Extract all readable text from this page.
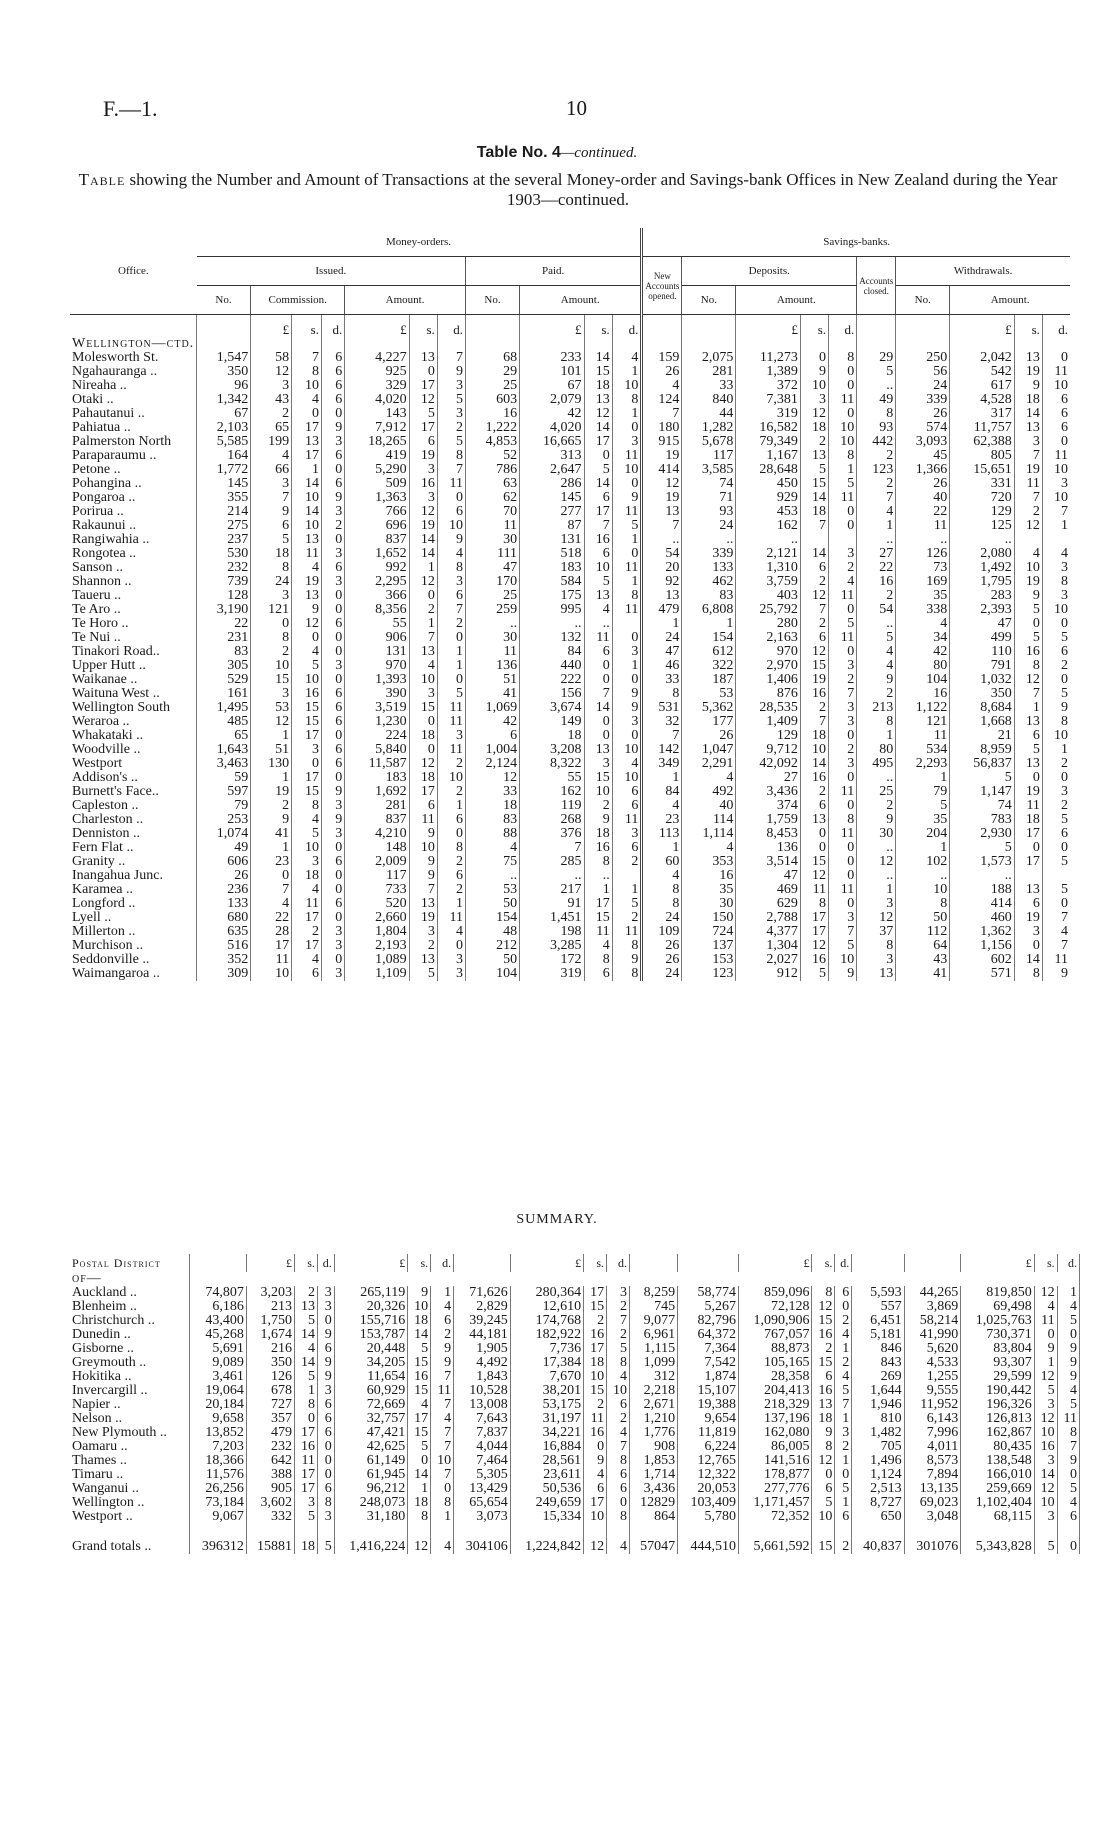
F.—1.	10
Table No. 4—continued.
Table showing the Number and Amount of Transactions at the several Money-order and Savings-bank Offices in New Zealand during the Year 1903—continued.
Office.	Money-orders.											Savings-banks.									
	Issued.							Paid.				New Accounts opened.	Deposits.				Accounts closed.	Withdrawals.			
	No.	Commission.			Amount.			No.	Amount.				No.	Amount.				No.	Amount.		
		£	s.	d.	£	s.	d.		£	s.	d.			£	s.	d.			£	s.	d.
Wellington—ctd.																					
Molesworth St.	1,547	58	7	6	4,227	13	7	68	233	14	4	159	2,075	11,273	0	8	29	250	2,042	13	0
Ngahauranga ..	350	12	8	6	925	0	9	29	101	15	1	26	281	1,389	9	0	5	56	542	19	11
Nireaha ..	96	3	10	6	329	17	3	25	67	18	10	4	33	372	10	0	..	24	617	9	10
Otaki ..	1,342	43	4	6	4,020	12	5	603	2,079	13	8	124	840	7,381	3	11	49	339	4,528	18	6
Pahautanui ..	67	2	0	0	143	5	3	16	42	12	1	7	44	319	12	0	8	26	317	14	6
Pahiatua ..	2,103	65	17	9	7,912	17	2	1,222	4,020	14	0	180	1,282	16,582	18	10	93	574	11,757	13	6
Palmerston North	5,585	199	13	3	18,265	6	5	4,853	16,665	17	3	915	5,678	79,349	2	10	442	3,093	62,388	3	0
Paraparaumu ..	164	4	17	6	419	19	8	52	313	0	11	19	117	1,167	13	8	2	45	805	7	11
Petone ..	1,772	66	1	0	5,290	3	7	786	2,647	5	10	414	3,585	28,648	5	1	123	1,366	15,651	19	10
Pohangina ..	145	3	14	6	509	16	11	63	286	14	0	12	74	450	15	5	2	26	331	11	3
Pongaroa ..	355	7	10	9	1,363	3	0	62	145	6	9	19	71	929	14	11	7	40	720	7	10
Porirua ..	214	9	14	3	766	12	6	70	277	17	11	13	93	453	18	0	4	22	129	2	7
Rakaunui ..	275	6	10	2	696	19	10	11	87	7	5	7	24	162	7	0	1	11	125	12	1
Rangiwahia ..	237	5	13	0	837	14	9	30	131	16	1	..	..	..			..	..	..		
Rongotea ..	530	18	11	3	1,652	14	4	111	518	6	0	54	339	2,121	14	3	27	126	2,080	4	4
Sanson ..	232	8	4	6	992	1	8	47	183	10	11	20	133	1,310	6	2	22	73	1,492	10	3
Shannon ..	739	24	19	3	2,295	12	3	170	584	5	1	92	462	3,759	2	4	16	169	1,795	19	8
Taueru ..	128	3	13	0	366	0	6	25	175	13	8	13	83	403	12	11	2	35	283	9	3
Te Aro ..	3,190	121	9	0	8,356	2	7	259	995	4	11	479	6,808	25,792	7	0	54	338	2,393	5	10
Te Horo ..	22	0	12	6	55	1	2	..	..	..		1	1	280	2	5	..	4	47	0	0
Te Nui ..	231	8	0	0	906	7	0	30	132	11	0	24	154	2,163	6	11	5	34	499	5	5
Tinakori Road..	83	2	4	0	131	13	1	11	84	6	3	47	612	970	12	0	4	42	110	16	6
Upper Hutt ..	305	10	5	3	970	4	1	136	440	0	1	46	322	2,970	15	3	4	80	791	8	2
Waikanae ..	529	15	10	0	1,393	10	0	51	222	0	0	33	187	1,406	19	2	9	104	1,032	12	0
Waituna West ..	161	3	16	6	390	3	5	41	156	7	9	8	53	876	16	7	2	16	350	7	5
Wellington South	1,495	53	15	6	3,519	15	11	1,069	3,674	14	9	531	5,362	28,535	2	3	213	1,122	8,684	1	9
Weraroa ..	485	12	15	6	1,230	0	11	42	149	0	3	32	177	1,409	7	3	8	121	1,668	13	8
Whakataki ..	65	1	17	0	224	18	3	6	18	0	0	7	26	129	18	0	1	11	21	6	10
Woodville ..	1,643	51	3	6	5,840	0	11	1,004	3,208	13	10	142	1,047	9,712	10	2	80	534	8,959	5	1
Westport	3,463	130	0	6	11,587	12	2	2,124	8,322	3	4	349	2,291	42,092	14	3	495	2,293	56,837	13	2
Addison's ..	59	1	17	0	183	18	10	12	55	15	10	1	4	27	16	0	..	1	5	0	0
Burnett's Face..	597	19	15	9	1,692	17	2	33	162	10	6	84	492	3,436	2	11	25	79	1,147	19	3
Capleston ..	79	2	8	3	281	6	1	18	119	2	6	4	40	374	6	0	2	5	74	11	2
Charleston ..	253	9	4	9	837	11	6	83	268	9	11	23	114	1,759	13	8	9	35	783	18	5
Denniston ..	1,074	41	5	3	4,210	9	0	88	376	18	3	113	1,114	8,453	0	11	30	204	2,930	17	6
Fern Flat ..	49	1	10	0	148	10	8	4	7	16	6	1	4	136	0	0	..	1	5	0	0
Granity ..	606	23	3	6	2,009	9	2	75	285	8	2	60	353	3,514	15	0	12	102	1,573	17	5
Inangahua Junc.	26	0	18	0	117	9	6	..	..	..		4	16	47	12	0	..	..	..		
Karamea ..	236	7	4	0	733	7	2	53	217	1	1	8	35	469	11	11	1	10	188	13	5
Longford ..	133	4	11	6	520	13	1	50	91	17	5	8	30	629	8	0	3	8	414	6	0
Lyell ..	680	22	17	0	2,660	19	11	154	1,451	15	2	24	150	2,788	17	3	12	50	460	19	7
Millerton ..	635	28	2	3	1,804	3	4	48	198	11	11	109	724	4,377	17	7	37	112	1,362	3	4
Murchison ..	516	17	17	3	2,193	2	0	212	3,285	4	8	26	137	1,304	12	5	8	64	1,156	0	7
Seddonville ..	352	11	4	0	1,089	13	3	50	172	8	9	26	153	2,027	16	10	3	43	602	14	11
Waimangaroa ..	309	10	6	3	1,109	5	3	104	319	6	8	24	123	912	5	9	13	41	571	8	9
SUMMARY.
Postal District		£	s.	d.	£	s.	d.		£	s.	d.			£	s.	d.			£	s.	d.
of—																					
Auckland ..	74,807	3,203	2	3	265,119	9	1	71,626	280,364	17	3	8,259	58,774	859,096	8	6	5,593	44,265	819,850	12	1
Blenheim ..	6,186	213	13	3	20,326	10	4	2,829	12,610	15	2	745	5,267	72,128	12	0	557	3,869	69,498	4	4
Christchurch ..	43,400	1,750	5	0	155,716	18	6	39,245	174,768	2	7	9,077	82,796	1,090,906	15	2	6,451	58,214	1,025,763	11	5
Dunedin ..	45,268	1,674	14	9	153,787	14	2	44,181	182,922	16	2	6,961	64,372	767,057	16	4	5,181	41,990	730,371	0	0
Gisborne ..	5,691	216	4	6	20,448	5	9	1,905	7,736	17	5	1,115	7,364	88,873	2	1	846	5,620	83,804	9	9
Greymouth ..	9,089	350	14	9	34,205	15	9	4,492	17,384	18	8	1,099	7,542	105,165	15	2	843	4,533	93,307	1	9
Hokitika ..	3,461	126	5	9	11,654	16	7	1,843	7,670	10	4	312	1,874	28,358	6	4	269	1,255	29,599	12	9
Invercargill ..	19,064	678	1	3	60,929	15	11	10,528	38,201	15	10	2,218	15,107	204,413	16	5	1,644	9,555	190,442	5	4
Napier ..	20,184	727	8	6	72,669	4	7	13,008	53,175	2	6	2,671	19,388	218,329	13	7	1,946	11,952	196,326	3	5
Nelson ..	9,658	357	0	6	32,757	17	4	7,643	31,197	11	2	1,210	9,654	137,196	18	1	810	6,143	126,813	12	11
New Plymouth ..	13,852	479	17	6	47,421	15	7	7,837	34,221	16	4	1,776	11,819	162,080	9	3	1,482	7,996	162,867	10	8
Oamaru ..	7,203	232	16	0	42,625	5	7	4,044	16,884	0	7	908	6,224	86,005	8	2	705	4,011	80,435	16	7
Thames ..	18,366	642	11	0	61,149	0	10	7,464	28,561	9	8	1,853	12,765	141,516	12	1	1,496	8,573	138,548	3	9
Timaru ..	11,576	388	17	0	61,945	14	7	5,305	23,611	4	6	1,714	12,322	178,877	0	0	1,124	7,894	166,010	14	0
Wanganui ..	26,256	905	17	6	96,212	1	0	13,429	50,536	6	6	3,436	20,053	277,776	6	5	2,513	13,135	259,669	12	5
Wellington ..	73,184	3,602	3	8	248,073	18	8	65,654	249,659	17	0	12829	103,409	1,171,457	5	1	8,727	69,023	1,102,404	10	4
Westport ..	9,067	332	5	3	31,180	8	1	3,073	15,334	10	8	864	5,780	72,352	10	6	650	3,048	68,115	3	6
Grand totals ..	396312	15881	18	5	1,416,224	12	4	304106	1,224,842	12	4	57047	444,510	5,661,592	15	2	40,837	301076	5,343,828	5	0
